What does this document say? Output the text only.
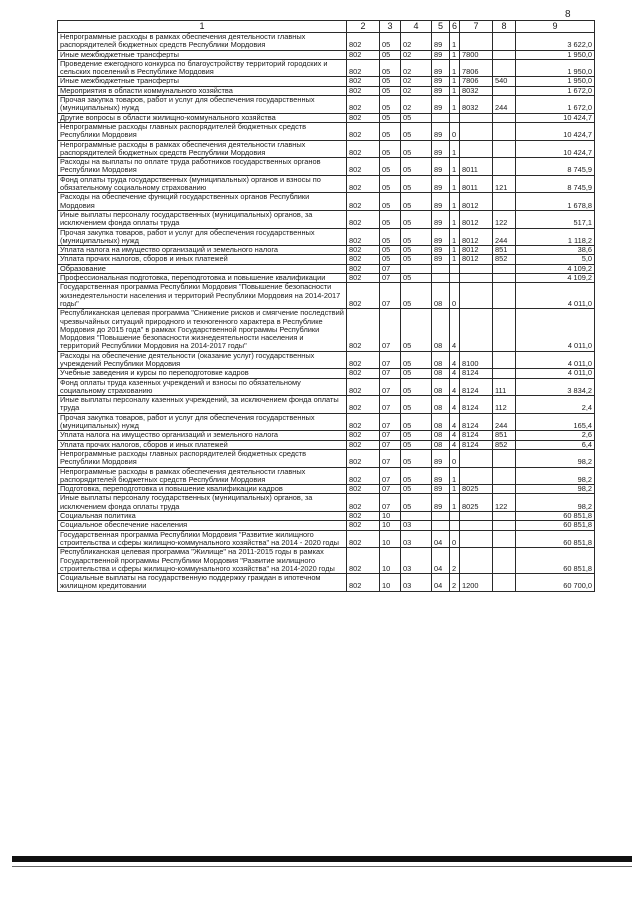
8
1	2	3	4	5	6	7	8	9
Непрограммные расходы в рамках обеспечения деятельности главных распорядителей бюджетных средств Республики Мордовия	802	05	02	89	1			3 622,0
Иные межбюджетные трансферты	802	05	02	89	1	7800		1 950,0
Проведение ежегодного конкурса по благоустройству территорий городских и сельских поселений в Республике Мордовия	802	05	02	89	1	7806		1 950,0
Иные межбюджетные трансферты	802	05	02	89	1	7806	540	1 950,0
Мероприятия в области коммунального хозяйства	802	05	02	89	1	8032		1 672,0
Прочая закупка товаров, работ и услуг для обеспечения государственных (муниципальных) нужд	802	05	02	89	1	8032	244	1 672,0
Другие вопросы в области жилищно-коммунального хозяйства	802	05	05					10 424,7
Непрограммные расходы главных распорядителей бюджетных средств Республики Мордовия	802	05	05	89	0			10 424,7
Непрограммные расходы в рамках обеспечения деятельности главных распорядителей бюджетных средств Республики Мордовия	802	05	05	89	1			10 424,7
Расходы на выплаты по оплате труда работников государственных органов Республики Мордовия	802	05	05	89	1	8011		8 745,9
Фонд оплаты труда государственных (муниципальных) органов и взносы по обязательному социальному страхованию	802	05	05	89	1	8011	121	8 745,9
Расходы на обеспечение функций государственных органов Республики Мордовия	802	05	05	89	1	8012		1 678,8
Иные выплаты персоналу государственных (муниципальных) органов, за исключением фонда оплаты труда	802	05	05	89	1	8012	122	517,1
Прочая закупка товаров, работ и услуг для обеспечения государственных (муниципальных) нужд	802	05	05	89	1	8012	244	1 118,2
Уплата налога на имущество организаций и земельного налога	802	05	05	89	1	8012	851	38,6
Уплата прочих налогов, сборов и иных платежей	802	05	05	89	1	8012	852	5,0
Образование	802	07						4 109,2
Профессиональная подготовка, переподготовка и повышение квалификации	802	07	05					4 109,2
Государственная программа Республики Мордовия "Повышение безопасности жизнедеятельности населения и территорий Республики Мордовия на 2014-2017 годы"	802	07	05	08	0			4 011,0
Республиканская целевая программа "Снижение рисков и смягчение последствий чрезвычайных ситуаций природного и техногенного характера в Республике Мордовия до 2015 года" в рамках Государственной программы Республики Мордовия "Повышение безопасности жизнедеятельности населения и территорий Республики Мордовия на 2014-2017 годы"	802	07	05	08	4			4 011,0
Расходы на обеспечение деятельности (оказание услуг) государственных учреждений Республики Мордовия	802	07	05	08	4	8100		4 011,0
Учебные заведения и курсы по переподготовке кадров	802	07	05	08	4	8124		4 011,0
Фонд оплаты труда казенных учреждений и взносы по обязательному социальному страхованию	802	07	05	08	4	8124	111	3 834,2
Иные выплаты персоналу казенных учреждений, за исключением фонда оплаты труда	802	07	05	08	4	8124	112	2,4
Прочая закупка товаров, работ и услуг для обеспечения государственных (муниципальных) нужд	802	07	05	08	4	8124	244	165,4
Уплата налога на имущество организаций и земельного налога	802	07	05	08	4	8124	851	2,6
Уплата прочих налогов, сборов и иных платежей	802	07	05	08	4	8124	852	6,4
Непрограммные расходы главных распорядителей бюджетных средств Республики Мордовия	802	07	05	89	0			98,2
Непрограммные расходы в рамках обеспечения деятельности главных распорядителей бюджетных средств Республики Мордовия	802	07	05	89	1			98,2
Подготовка, переподготовка и повышение квалификации кадров	802	07	05	89	1	8025		98,2
Иные выплаты персоналу государственных (муниципальных) органов, за исключением фонда оплаты труда	802	07	05	89	1	8025	122	98,2
Социальная политика	802	10						60 851,8
Социальное обеспечение населения	802	10	03					60 851,8
Государственная программа Республики Мордовия "Развитие жилищного строительства и сферы жилищно-коммунального хозяйства" на 2014 - 2020 годы	802	10	03	04	0			60 851,8
Республиканская целевая программа "Жилище" на 2011-2015 годы в рамках Государственной программы Республики Мордовия "Развитие жилищного строительства и сферы жилищно-коммунального хозяйства" на 2014-2020 годы	802	10	03	04	2			60 851,8
Социальные выплаты на государственную поддержку граждан в ипотечном жилищном кредитовании	802	10	03	04	2	1200		60 700,0
